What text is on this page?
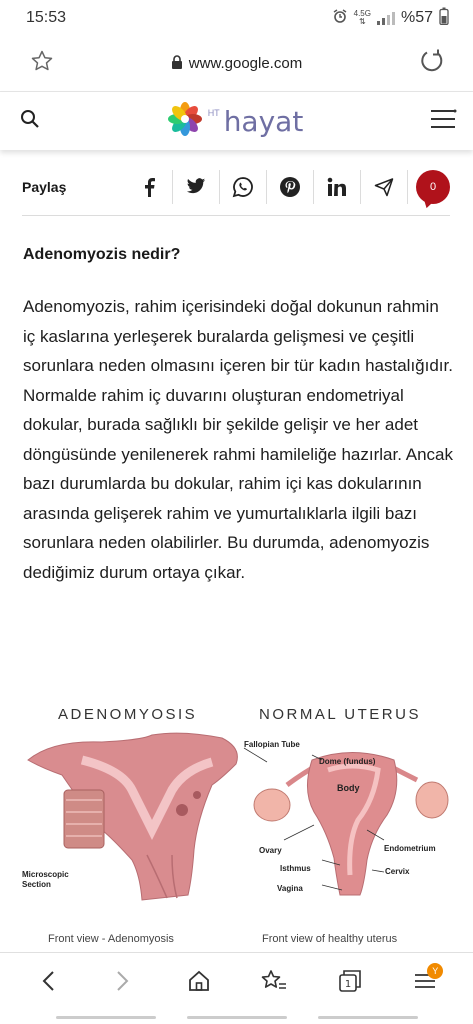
15:53	4.5G
⇅	%57
www.google.com
HT hayat
Paylaş	0
Adenomyozis nedir?

Adenomyozis, rahim içerisindeki doğal dokunun rahmin iç kaslarına yerleşerek buralarda gelişmesi ve çeşitli sorunlara neden olmasını içeren bir tür kadın hastalığıdır. Normalde rahim iç duvarını oluşturan endometriyal dokular, burada sağlıklı bir şekilde gelişir ve her adet döngüsünde yenilenerek rahmi hamileliğe hazırlar. Ancak bazı durumlarda bu dokular, rahim içi kas dokularının arasında gelişerek rahim ve yumurtalıklarla ilgili bazı sorunlara neden olabilirler. Bu durumda, adenomyozis dediğimiz durum ortaya çıkar.

ADENOMYOSIS	NORMAL UTERUS
Microscopic
Section
Fallopian Tube
Dome (fundus)
Body
Ovary	Endometrium
Isthmus	Cervix
Vagina
Front view - Adenomyosis	Front view of healthy uterus
1
Y
